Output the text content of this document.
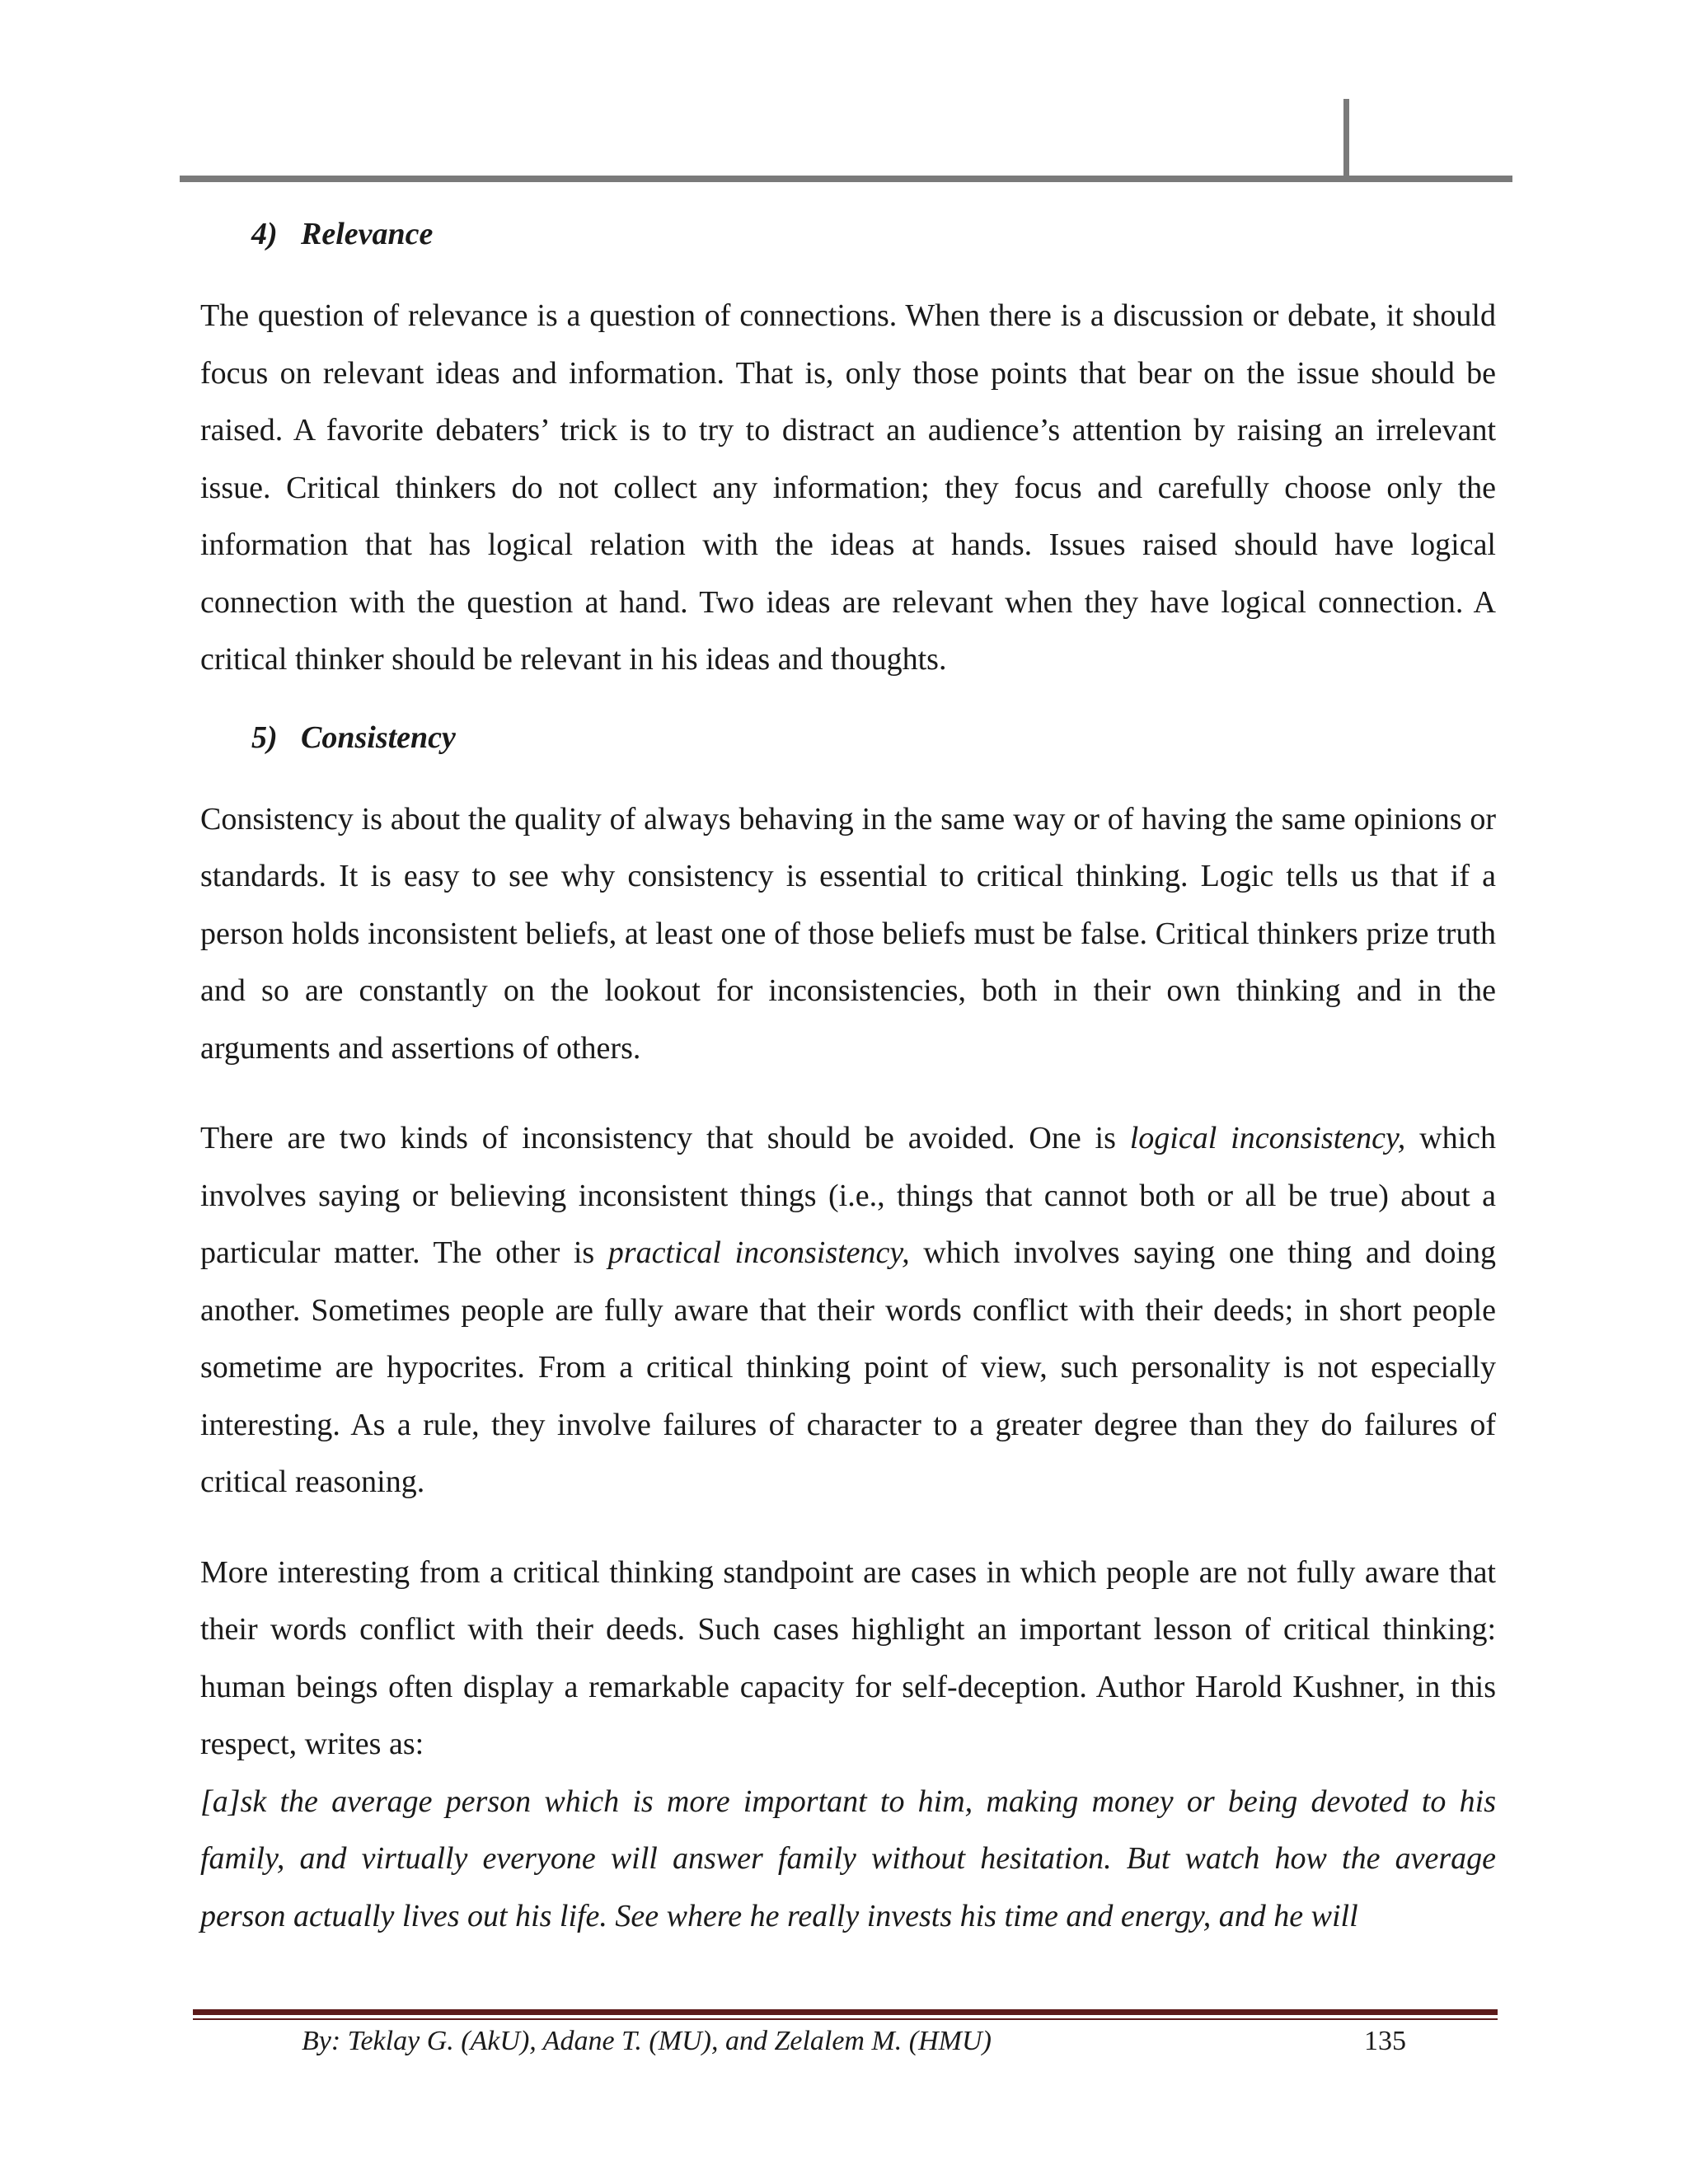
4) Relevance

The question of relevance is a question of connections. When there is a discussion or debate, it should focus on relevant ideas and information. That is, only those points that bear on the issue should be raised. A favorite debaters’ trick is to try to distract an audience’s attention by raising an irrelevant issue. Critical thinkers do not collect any information; they focus and carefully choose only the information that has logical relation with the ideas at hands. Issues raised should have logical connection with the question at hand. Two ideas are relevant when they have logical connection. A critical thinker should be relevant in his ideas and thoughts.

5) Consistency

Consistency is about the quality of always behaving in the same way or of having the same opinions or standards. It is easy to see why consistency is essential to critical thinking. Logic tells us that if a person holds inconsistent beliefs, at least one of those beliefs must be false. Critical thinkers prize truth and so are constantly on the lookout for inconsistencies, both in their own thinking and in the arguments and assertions of others.

There are two kinds of inconsistency that should be avoided. One is logical inconsistency, which involves saying or believing inconsistent things (i.e., things that cannot both or all be true) about a particular matter. The other is practical inconsistency, which involves saying one thing and doing another. Sometimes people are fully aware that their words conflict with their deeds; in short people sometime are hypocrites. From a critical thinking point of view, such personality is not especially interesting. As a rule, they involve failures of character to a greater degree than they do failures of critical reasoning.

More interesting from a critical thinking standpoint are cases in which people are not fully aware that their words conflict with their deeds. Such cases highlight an important lesson of critical thinking: human beings often display a remarkable capacity for self-deception. Author Harold Kushner, in this respect, writes as:

[a]sk the average person which is more important to him, making money or being devoted to his family, and virtually everyone will answer family without hesitation. But watch how the average person actually lives out his life. See where he really invests his time and energy, and he will

By: Teklay G. (AkU), Adane T. (MU), and Zelalem M. (HMU)	135
